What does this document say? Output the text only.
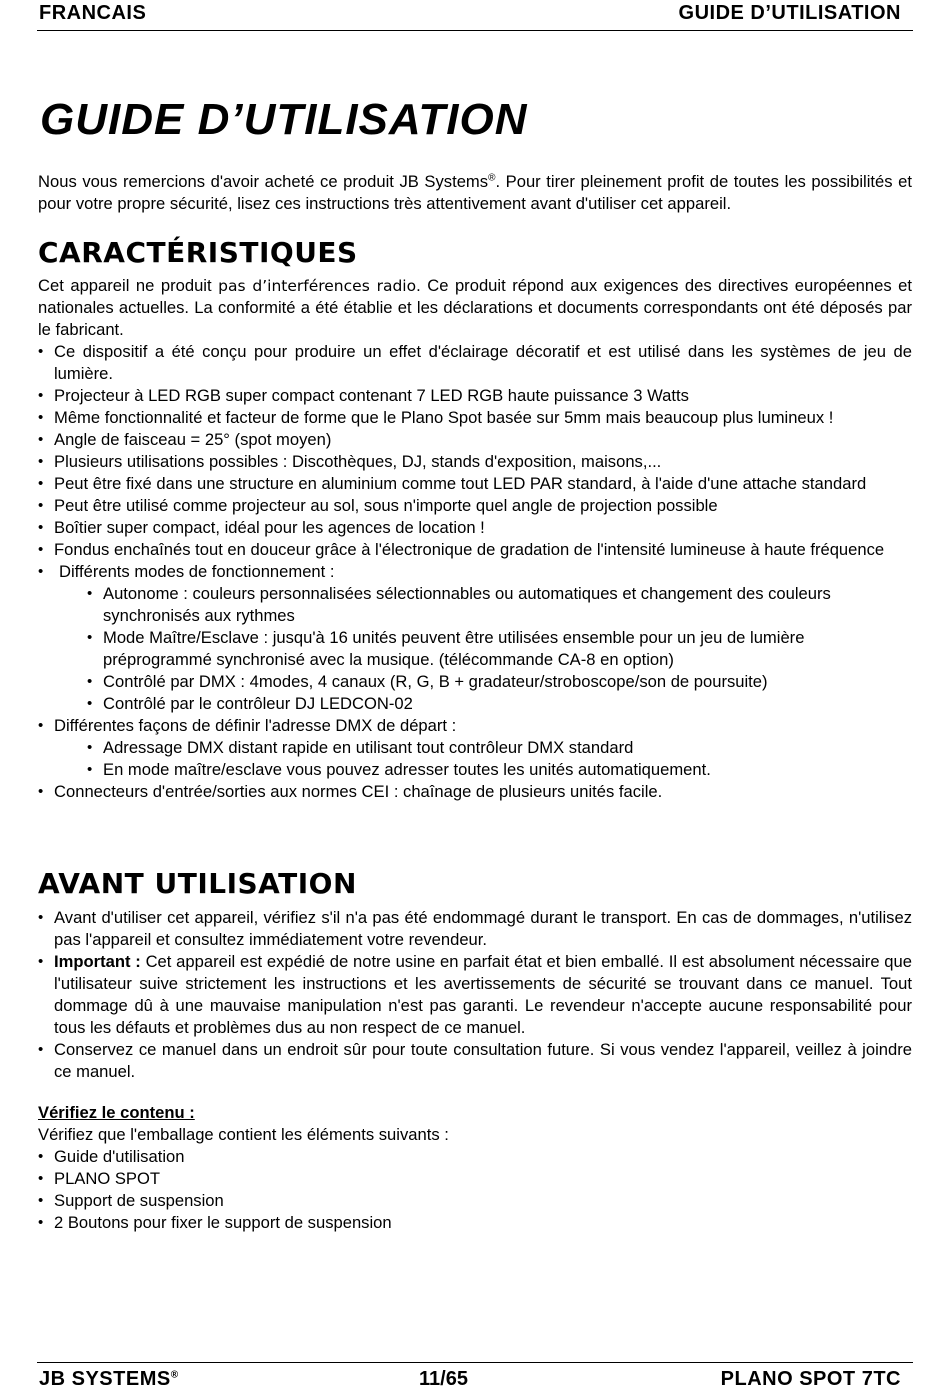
FRANCAIS	GUIDE D’UTILISATION
GUIDE D’UTILISATION
Nous vous remercions d'avoir acheté ce produit JB Systems®. Pour tirer pleinement profit de toutes les possibilités et pour votre propre sécurité, lisez ces instructions très attentivement avant d'utiliser cet appareil.
CARACTÉRISTIQUES
Cet appareil ne produit pas d’interférences radio. Ce produit répond aux exigences des directives européennes et nationales actuelles. La conformité a été établie et les déclarations et documents correspondants ont été déposés par le fabricant.
• Ce dispositif a été conçu pour produire un effet d'éclairage décoratif et est utilisé dans les systèmes de jeu de lumière.
• Projecteur à LED RGB super compact contenant 7 LED RGB haute puissance 3 Watts
• Même fonctionnalité et facteur de forme que le Plano Spot basée sur 5mm mais beaucoup plus lumineux !
• Angle de faisceau = 25° (spot moyen)
• Plusieurs utilisations possibles : Discothèques, DJ, stands d'exposition, maisons,...
• Peut être fixé dans une structure en aluminium comme tout LED PAR standard, à l'aide d'une attache standard
• Peut être utilisé comme projecteur au sol, sous n'importe quel angle de projection possible
• Boîtier super compact, idéal pour les agences de location !
• Fondus enchaînés tout en douceur grâce à l'électronique de gradation de l'intensité lumineuse à haute fréquence
• Différents modes de fonctionnement :
• Autonome : couleurs personnalisées sélectionnables ou automatiques et changement des couleurs synchronisés aux rythmes
• Mode Maître/Esclave : jusqu'à 16 unités peuvent être utilisées ensemble pour un jeu de lumière préprogrammé synchronisé avec la musique. (télécommande CA-8 en option)
• Contrôlé par DMX : 4modes, 4 canaux (R, G, B + gradateur/stroboscope/son de poursuite)
• Contrôlé par le contrôleur DJ LEDCON-02
• Différentes façons de définir l'adresse DMX de départ :
• Adressage DMX distant rapide en utilisant tout contrôleur DMX standard
• En mode maître/esclave vous pouvez adresser toutes les unités automatiquement.
• Connecteurs d'entrée/sorties aux normes CEI : chaînage de plusieurs unités facile.
AVANT UTILISATION
• Avant d'utiliser cet appareil, vérifiez s'il n'a pas été endommagé durant le transport. En cas de dommages, n'utilisez pas l'appareil et consultez immédiatement votre revendeur.
• Important : Cet appareil est expédié de notre usine en parfait état et bien emballé. Il est absolument nécessaire que l'utilisateur suive strictement les instructions et les avertissements de sécurité se trouvant dans ce manuel. Tout dommage dû à une mauvaise manipulation n'est pas garanti. Le revendeur n'accepte aucune responsabilité pour tous les défauts et problèmes dus au non respect de ce manuel.
• Conservez ce manuel dans un endroit sûr pour toute consultation future. Si vous vendez l'appareil, veillez à joindre ce manuel.
Vérifiez le contenu :
Vérifiez que l'emballage contient les éléments suivants :
• Guide d'utilisation
• PLANO SPOT
• Support de suspension
• 2 Boutons pour fixer le support de suspension
JB SYSTEMS®	11/65	PLANO SPOT 7TC
